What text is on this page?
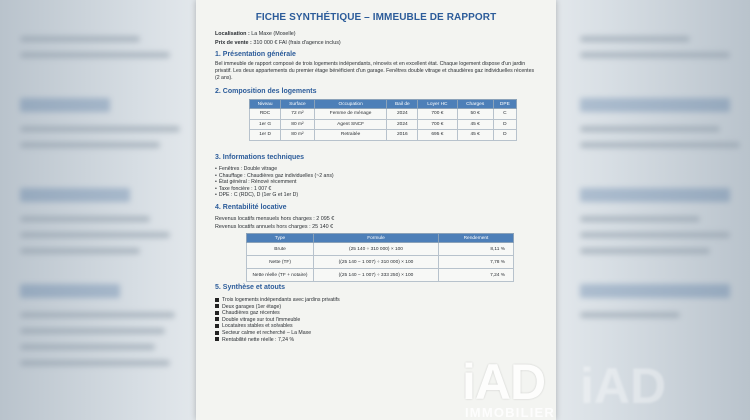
FICHE SYNTHÉTIQUE – IMMEUBLE DE RAPPORT
Localisation : La Maxe (Moselle)
Prix de vente : 310 000 € FAI (frais d'agence inclus)
1. Présentation générale
Bel immeuble de rapport composé de trois logements indépendants, rénovés et en excellent état. Chaque logement dispose d'un jardin
privatif. Les deux appartements du premier étage bénéficient d'un garage. Fenêtres double vitrage et chaudières gaz individuelles récentes
(2 ans).
2. Composition des logements
Niveau	Surface	Occupation	Bail de	Loyer HC	Charges	DPE
RDC	72 m²	Femme de ménage	2024	700 €	50 €	C
1er G	80 m²	Agent SNCF	2024	700 €	45 €	D
1er D	80 m²	Retraitée	2016	695 €	45 €	D
3. Informations techniques
• Fenêtres : Double vitrage
• Chauffage : Chaudières gaz individuelles (~2 ans)
• État général : Rénové récemment
• Taxe foncière : 1 007 €
• DPE : C (RDC), D (1er G et 1er D)
4. Rentabilité locative
Revenus locatifs mensuels hors charges : 2 095 €
Revenus locatifs annuels hors charges : 25 140 €
Type	Formule	Rendement
Brute	(25 140 ÷ 310 000) × 100	8,11 %
Nette (TF)	((25 140 − 1 007) ÷ 310 000) × 100	7,78 %
Nette réelle (TF + notaire)	((25 140 − 1 007) ÷ 333 250) × 100	7,24 %
5. Synthèse et atouts
Trois logements indépendants avec jardins privatifs
Deux garages (1er étage)
Chaudières gaz récentes
Double vitrage sur tout l'immeuble
Locataires stables et solvables
Secteur calme et recherché – La Maxe
Rentabilité nette réelle : 7,24 %
iAD
iAD
IMMOBILIER
